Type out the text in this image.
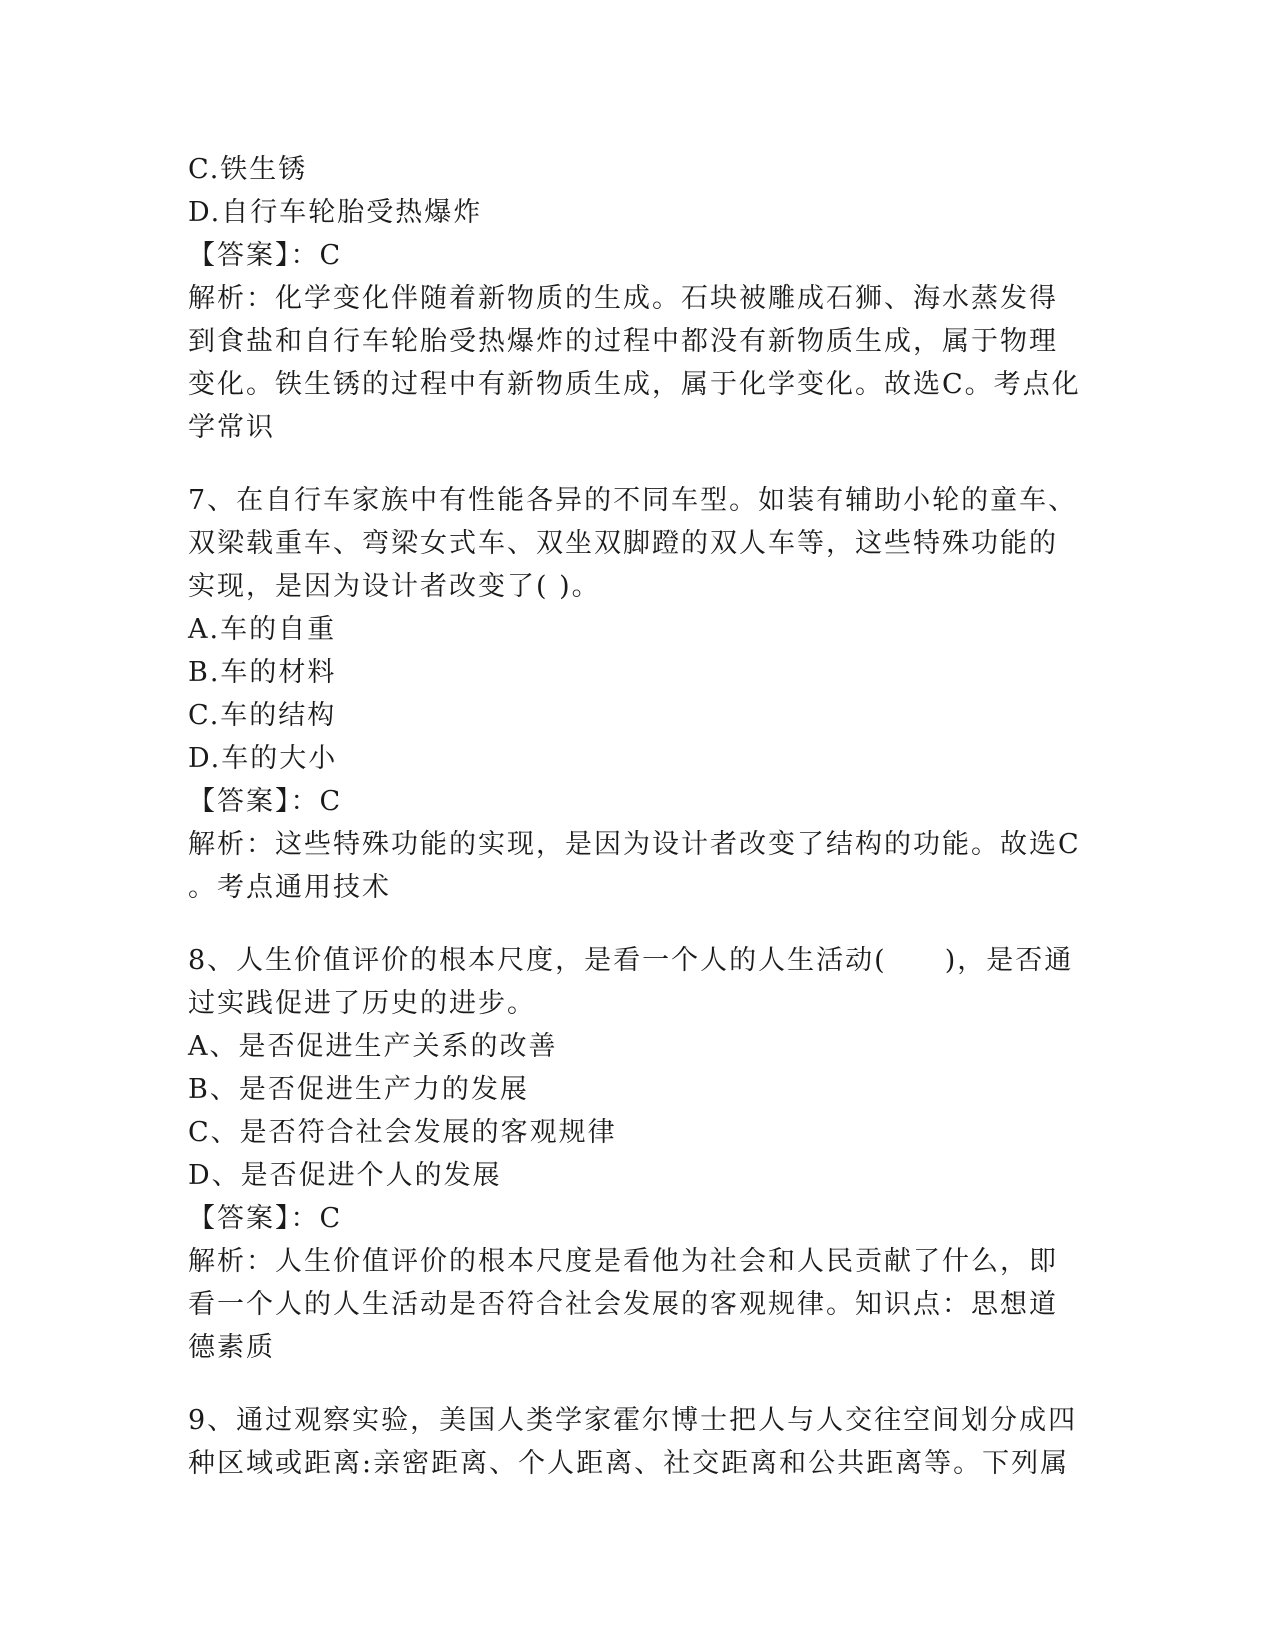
C.铁生锈
D.自行车轮胎受热爆炸
【答案】：C
解析：化学变化伴随着新物质的生成。石块被雕成石狮、海水蒸发得
到食盐和自行车轮胎受热爆炸的过程中都没有新物质生成，属于物理
变化。铁生锈的过程中有新物质生成，属于化学变化。故选C。考点化
学常识
7、在自行车家族中有性能各异的不同车型。如装有辅助小轮的童车、
双梁载重车、弯梁女式车、双坐双脚蹬的双人车等，这些特殊功能的
实现，是因为设计者改变了( )。
A.车的自重
B.车的材料
C.车的结构
D.车的大小
【答案】：C
解析：这些特殊功能的实现，是因为设计者改变了结构的功能。故选C
。考点通用技术
8、人生价值评价的根本尺度，是看一个人的人生活动(　　)，是否通
过实践促进了历史的进步。
A、是否促进生产关系的改善
B、是否促进生产力的发展
C、是否符合社会发展的客观规律
D、是否促进个人的发展
【答案】：C
解析：人生价值评价的根本尺度是看他为社会和人民贡献了什么，即
看一个人的人生活动是否符合社会发展的客观规律。知识点：思想道
德素质
9、通过观察实验，美国人类学家霍尔博士把人与人交往空间划分成四
种区域或距离:亲密距离、个人距离、社交距离和公共距离等。下列属
